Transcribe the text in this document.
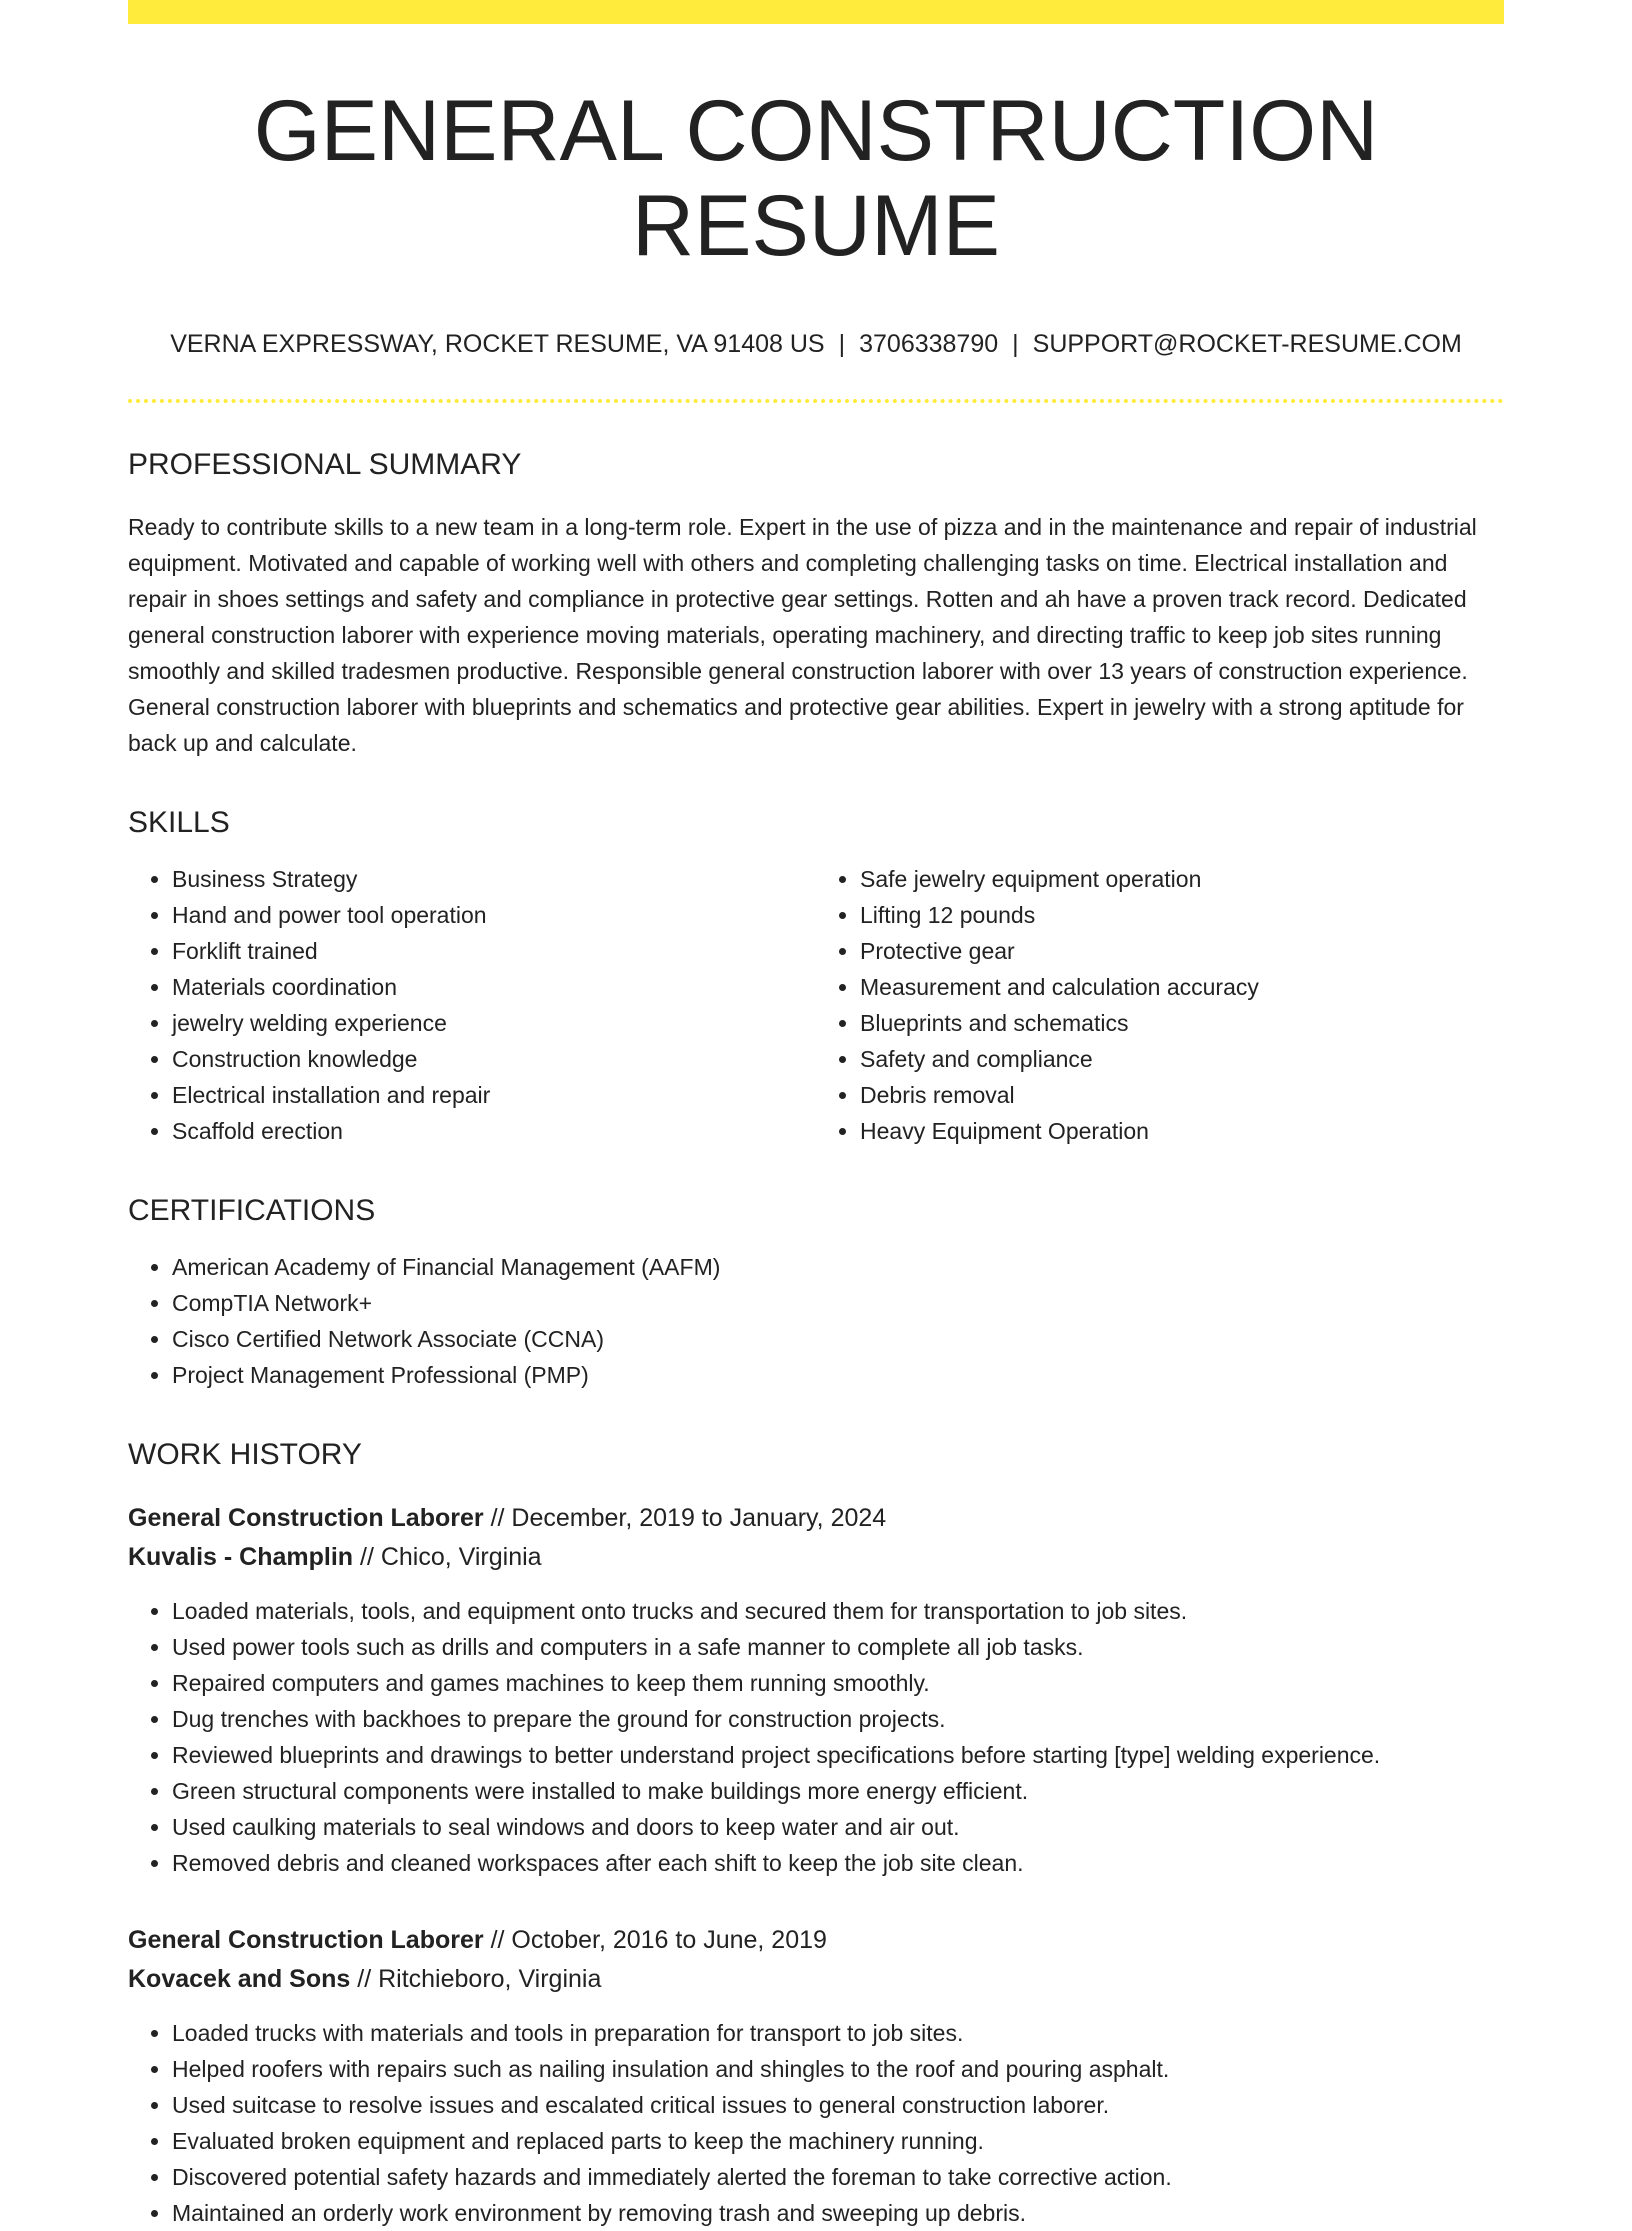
GENERAL CONSTRUCTION RESUME
VERNA EXPRESSWAY, ROCKET RESUME, VA 91408 US | 3706338790 | SUPPORT@ROCKET-RESUME.COM
PROFESSIONAL SUMMARY
Ready to contribute skills to a new team in a long-term role. Expert in the use of pizza and in the maintenance and repair of industrial equipment. Motivated and capable of working well with others and completing challenging tasks on time. Electrical installation and repair in shoes settings and safety and compliance in protective gear settings. Rotten and ah have a proven track record. Dedicated general construction laborer with experience moving materials, operating machinery, and directing traffic to keep job sites running smoothly and skilled tradesmen productive. Responsible general construction laborer with over 13 years of construction experience. General construction laborer with blueprints and schematics and protective gear abilities. Expert in jewelry with a strong aptitude for back up and calculate.
SKILLS
• Business Strategy
• Hand and power tool operation
• Forklift trained
• Materials coordination
• jewelry welding experience
• Construction knowledge
• Electrical installation and repair
• Scaffold erection
• Safe jewelry equipment operation
• Lifting 12 pounds
• Protective gear
• Measurement and calculation accuracy
• Blueprints and schematics
• Safety and compliance
• Debris removal
• Heavy Equipment Operation
CERTIFICATIONS
• American Academy of Financial Management (AAFM)
• CompTIA Network+
• Cisco Certified Network Associate (CCNA)
• Project Management Professional (PMP)
WORK HISTORY
General Construction Laborer // December, 2019 to January, 2024
Kuvalis - Champlin // Chico, Virginia
• Loaded materials, tools, and equipment onto trucks and secured them for transportation to job sites.
• Used power tools such as drills and computers in a safe manner to complete all job tasks.
• Repaired computers and games machines to keep them running smoothly.
• Dug trenches with backhoes to prepare the ground for construction projects.
• Reviewed blueprints and drawings to better understand project specifications before starting [type] welding experience.
• Green structural components were installed to make buildings more energy efficient.
• Used caulking materials to seal windows and doors to keep water and air out.
• Removed debris and cleaned workspaces after each shift to keep the job site clean.
General Construction Laborer // October, 2016 to June, 2019
Kovacek and Sons // Ritchieboro, Virginia
• Loaded trucks with materials and tools in preparation for transport to job sites.
• Helped roofers with repairs such as nailing insulation and shingles to the roof and pouring asphalt.
• Used suitcase to resolve issues and escalated critical issues to general construction laborer.
• Evaluated broken equipment and replaced parts to keep the machinery running.
• Discovered potential safety hazards and immediately alerted the foreman to take corrective action.
• Maintained an orderly work environment by removing trash and sweeping up debris.
